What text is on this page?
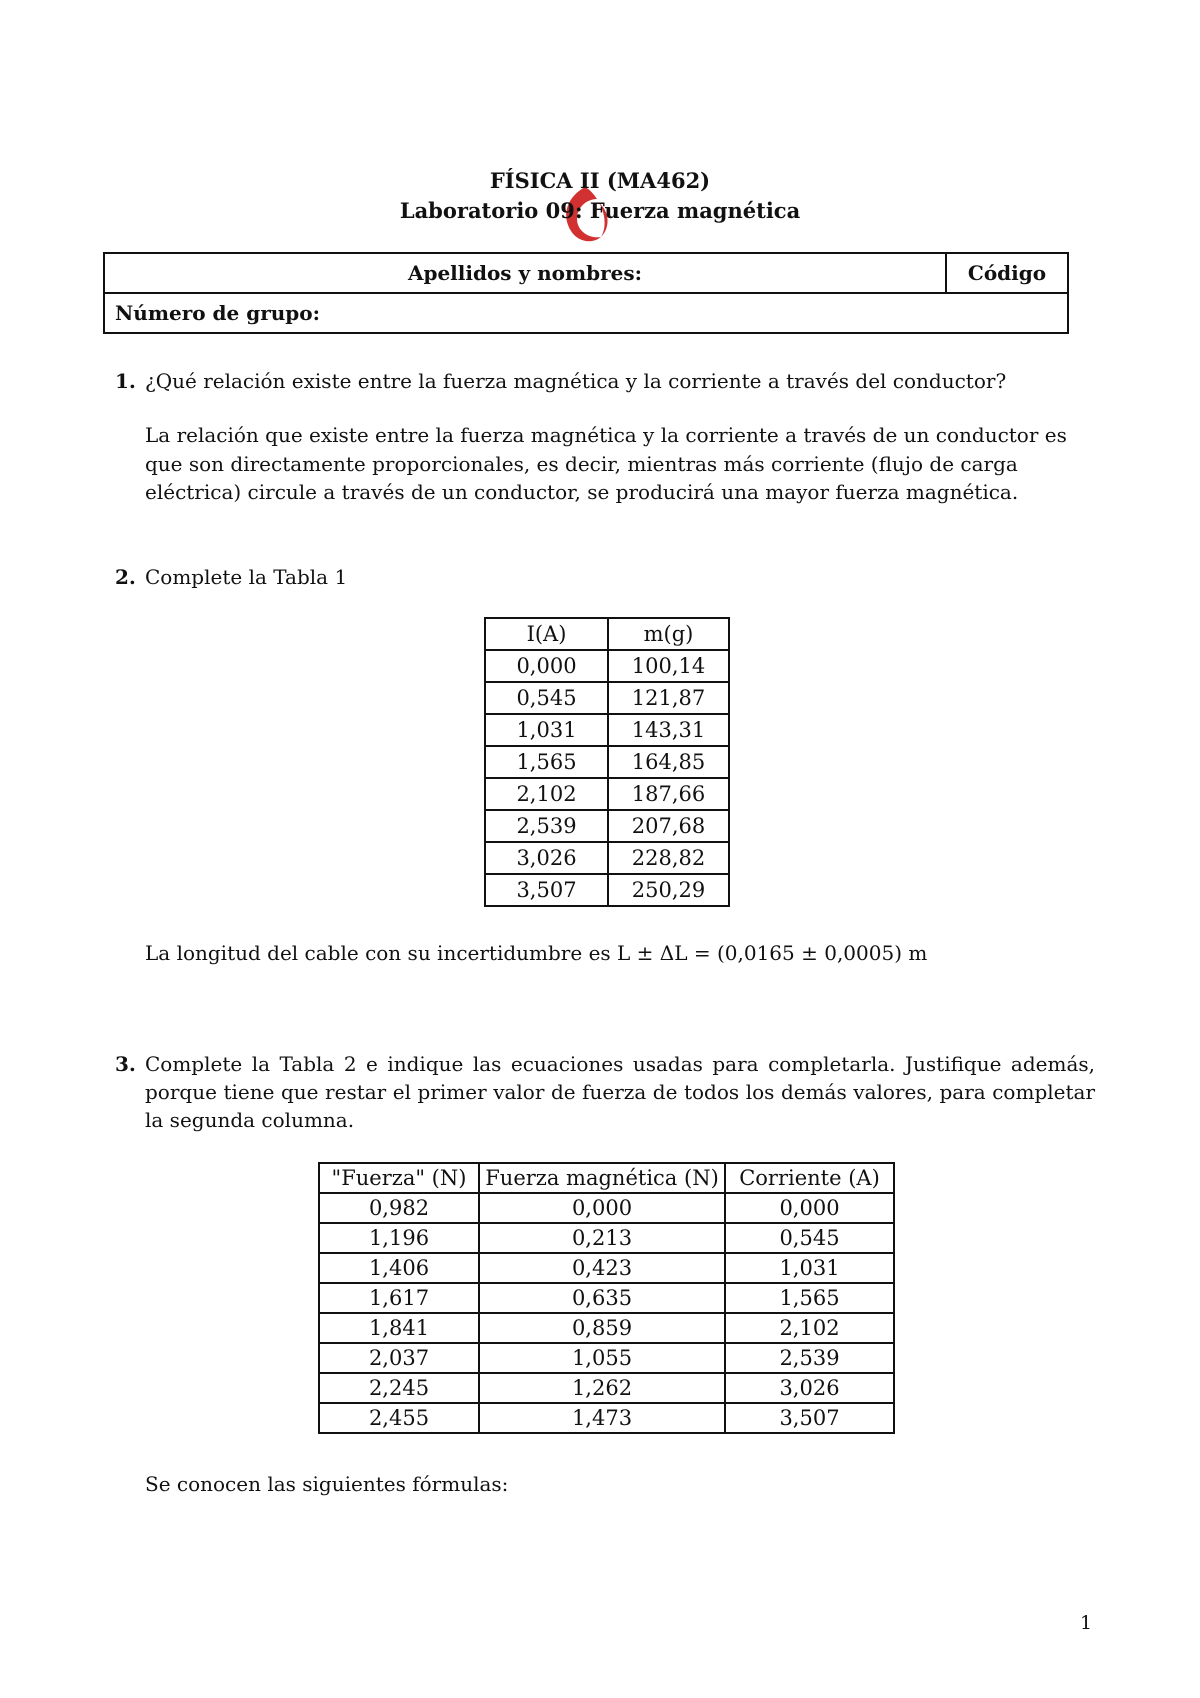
FÍSICA II (MA462)
Laboratorio 09: Fuerza magnética
Apellidos y nombres:	Código
Número de grupo:
1. ¿Qué relación existe entre la fuerza magnética y la corriente a través del conductor?
La relación que existe entre la fuerza magnética y la corriente a través de un conductor es que son directamente proporcionales, es decir, mientras más corriente (flujo de carga eléctrica) circule a través de un conductor, se producirá una mayor fuerza magnética.
2. Complete la Tabla 1
I(A)	m(g)
0,000	100,14
0,545	121,87
1,031	143,31
1,565	164,85
2,102	187,66
2,539	207,68
3,026	228,82
3,507	250,29
La longitud del cable con su incertidumbre es L ± ΔL = (0,0165 ± 0,0005) m
3. Complete la Tabla 2 e indique las ecuaciones usadas para completarla. Justifique además, porque tiene que restar el primer valor de fuerza de todos los demás valores, para completar la segunda columna.
"Fuerza" (N)	Fuerza magnética (N)	Corriente (A)
0,982	0,000	0,000
1,196	0,213	0,545
1,406	0,423	1,031
1,617	0,635	1,565
1,841	0,859	2,102
2,037	1,055	2,539
2,245	1,262	3,026
2,455	1,473	3,507
Se conocen las siguientes fórmulas:
1
